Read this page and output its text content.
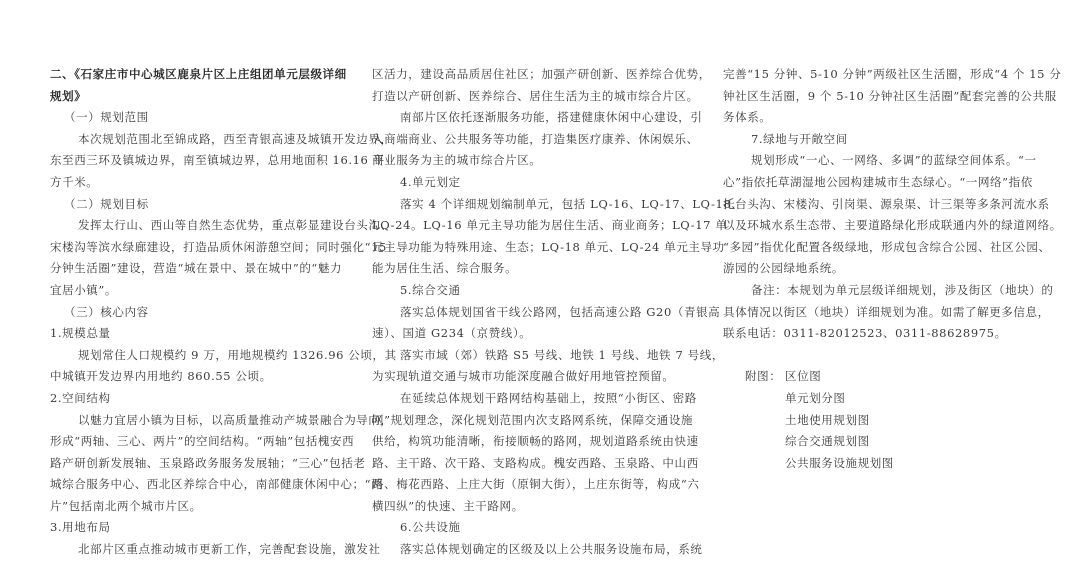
二、《石家庄市中心城区鹿泉片区上庄组团单元层级详细

规划》

（一）规划范围

本次规划范围北至锦成路，西至青银高速及城镇开发边界，

东至西三环及镇城边界，南至镇城边界，总用地面积 16.16 平

方千米。

（二）规划目标

发挥太行山、西山等自然生态优势，重点彰显建设台头沟、

宋楼沟等滨水绿廊建设，打造品质休闲游憩空间；同时强化“15

分钟生活圈”建设，营造“城在景中、景在城中”的“魅力

宜居小镇”。

（三）核心内容

1.规模总量

规划常住人口规模约 9 万，用地规模约 1326.96 公顷，其

中城镇开发边界内用地约 860.55 公顷。

2.空间结构

以魅力宜居小镇为目标，以高质量推动产城景融合为导向，

形成“两轴、三心、两片”的空间结构。“两轴”包括槐安西

路产研创新发展轴、玉泉路政务服务发展轴；“三心”包括老

城综合服务中心、西北区养综合中心，南部健康休闲中心；“两

片”包括南北两个城市片区。

3.用地布局

北部片区重点推动城市更新工作，完善配套设施，激发社

区活力，建设高品质居住社区；加强产研创新、医养综合优势，

打造以产研创新、医养综合、居住生活为主的城市综合片区。

南部片区依托逐渐服务功能，搭建健康休闲中心建设，引

入商端商业、公共服务等功能，打造集医疗康养、休闲娱乐、

商业服务为主的城市综合片区。

4.单元划定

落实 4 个详细规划编制单元，包括 LQ-16、LQ-17、LQ-18、

LQ-24。LQ-16 单元主导功能为居住生活、商业商务；LQ-17 单

元主导功能为特殊用途、生态；LQ-18 单元、LQ-24 单元主导功

能为居住生活、综合服务。

5.综合交通

落实总体规划国省干线公路网，包括高速公路 G20（青银高

速）、国道 G234（京赞线）。

落实市域（郊）铁路 S5 号线、地铁 1 号线、地铁 7 号线，

为实现轨道交通与城市功能深度融合做好用地管控预留。

在延续总体规划干路网结构基础上，按照“小街区、密路

网”规划理念，深化规划范围内次支路网系统，保障交通设施

供给，构筑功能清晰，衔接顺畅的路网，规划道路系统由快速

路、主干路、次干路、支路构成。槐安西路、玉泉路、中山西

路、梅花西路、上庄大街（原铜大街），上庄东街等，构成“六

横四纵”的快速、主干路网。

6.公共设施

落实总体规划确定的区级及以上公共服务设施布局，系统

完善“15 分钟、5-10 分钟”两级社区生活圈，形成“4 个 15 分

钟社区生活圈，9 个 5-10 分钟社区生活圈”配套完善的公共服

务体系。

7.绿地与开敞空间

规划形成“一心、一网络、多调”的蓝绿空间体系。“一

心”指依托草湖湿地公园构建城市生态绿心。“一网络”指依

托台头沟、宋楼沟、引岗渠、源泉渠、计三渠等多条河流水系

以及环城水系生态带、主要道路绿化形成联通内外的绿道网络。

“多园”指优化配置各级绿地，形成包含综合公园、社区公园、

游园的公园绿地系统。

备注：本规划为单元层级详细规划，涉及街区（地块）的

具体情况以街区（地块）详细规划为准。如需了解更多信息，

联系电话：0311-82012523、0311-88628975。

附图： 区位图

单元划分图

土地使用规划图

综合交通规划图

公共服务设施规划图
